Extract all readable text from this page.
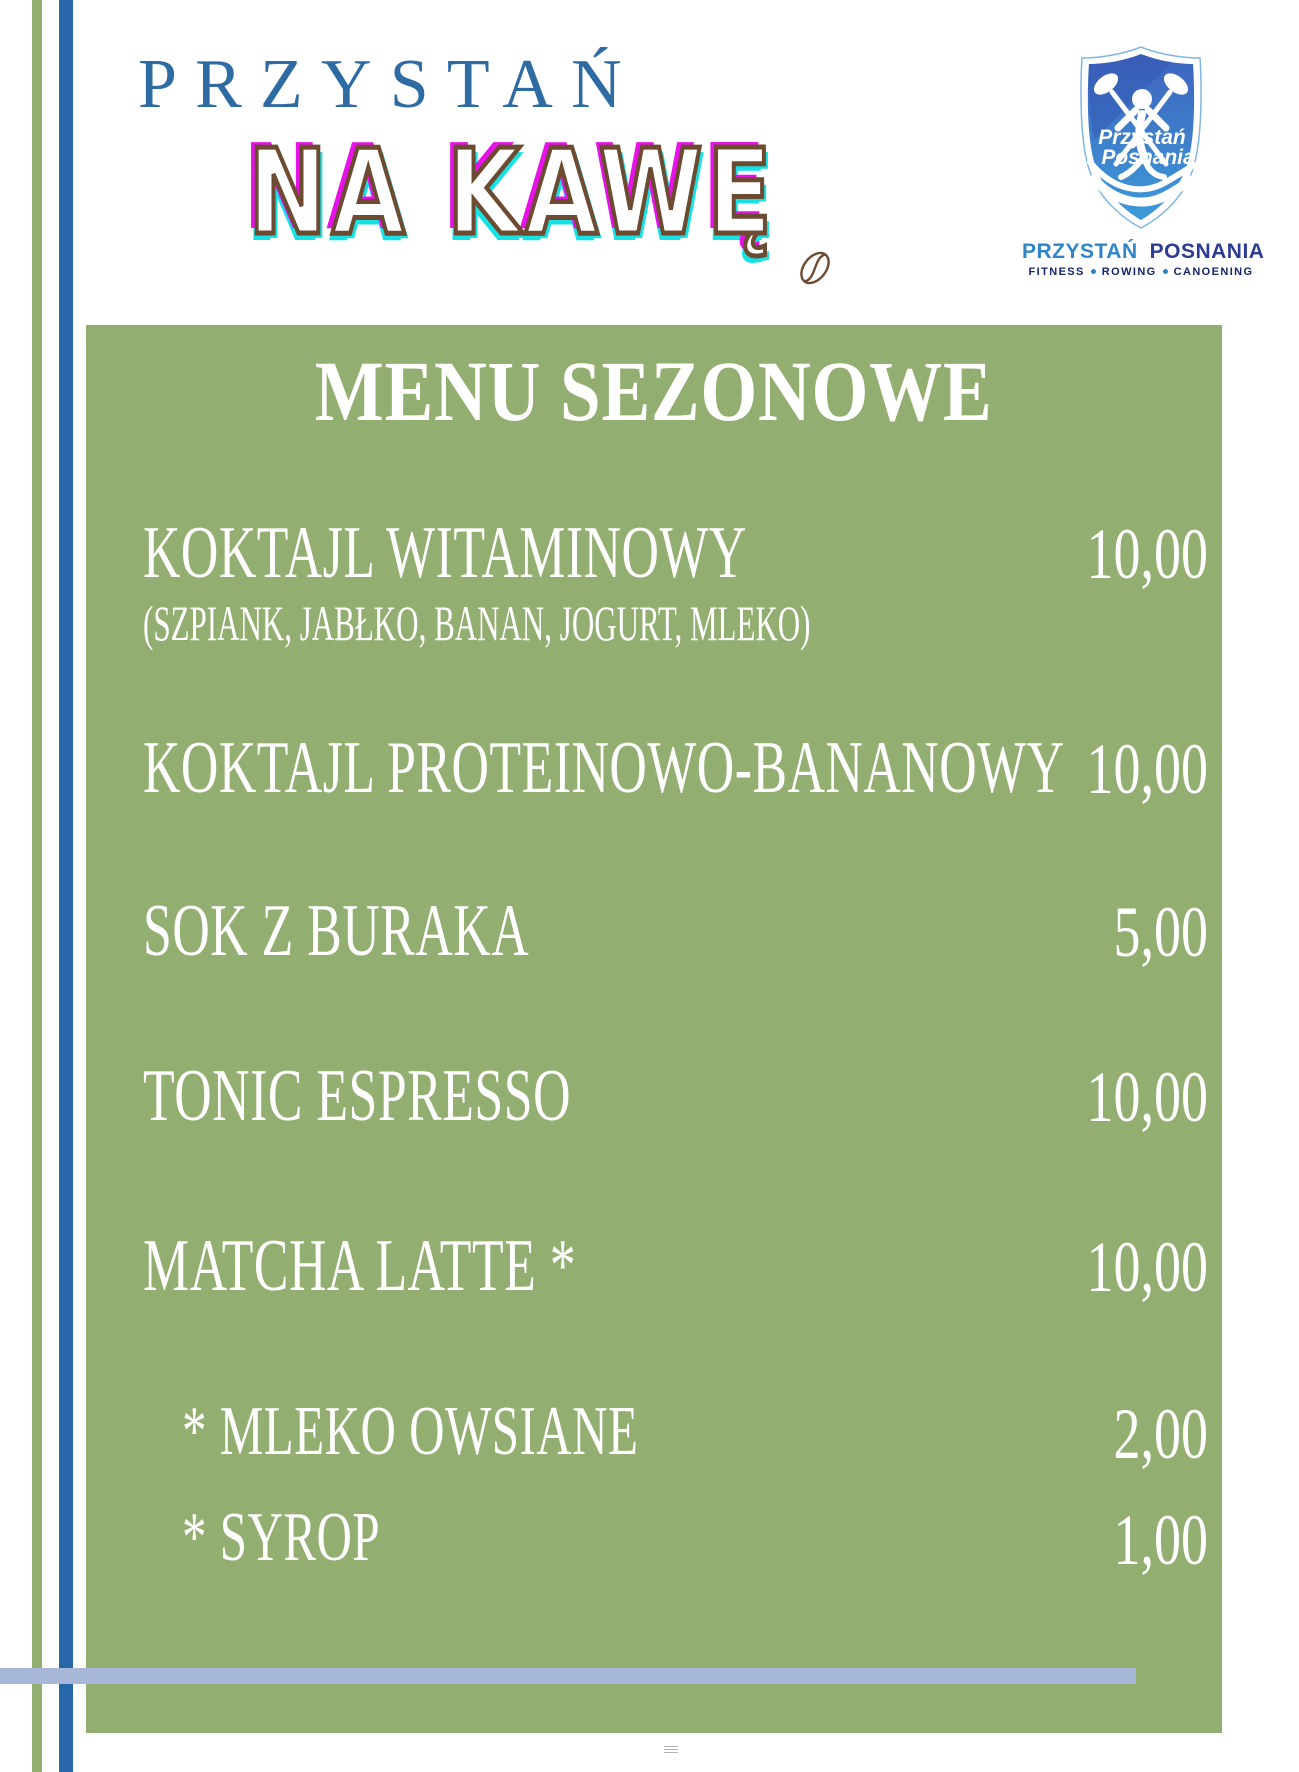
PRZYSTAŃ
NA KAWĘ	Przystań
Posnania
PRZYSTAŃ POSNANIA
FITNESS ROWING CANOENING
MENU SEZONOWE
KOKTAJL WITAMINOWY	10,00
(SZPIANK, JABŁKO, BANAN, JOGURT, MLEKO)
KOKTAJL PROTEINOWO-BANANOWY 10,00
SOK Z BURAKA	5,00
TONIC ESPRESSO	10,00
MATCHA LATTE *	10,00
* MLEKO OWSIANE	2,00
* SYROP	1,00
